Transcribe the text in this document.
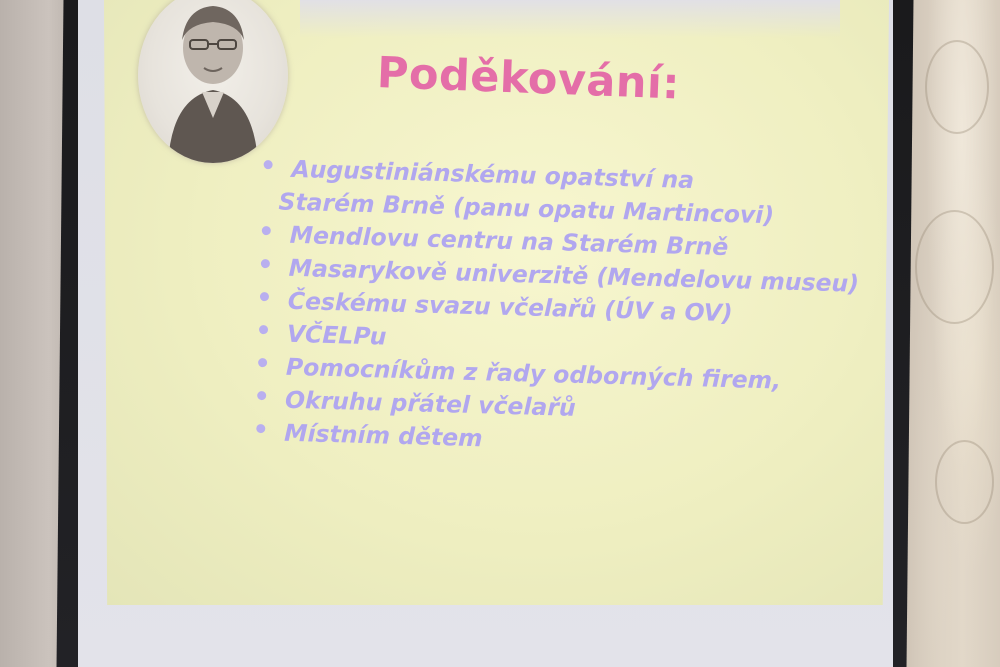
Poděkování:
Augustiniánskému opatství na
Starém Brně (panu opatu Martincovi)
Mendlovu centru na Starém Brně
Masarykově univerzitě (Mendelovu museu)
Českému svazu včelařů (ÚV a OV)
VČELPu
Pomocníkům z řady odborných firem,
Okruhu přátel včelařů
Místním dětem
